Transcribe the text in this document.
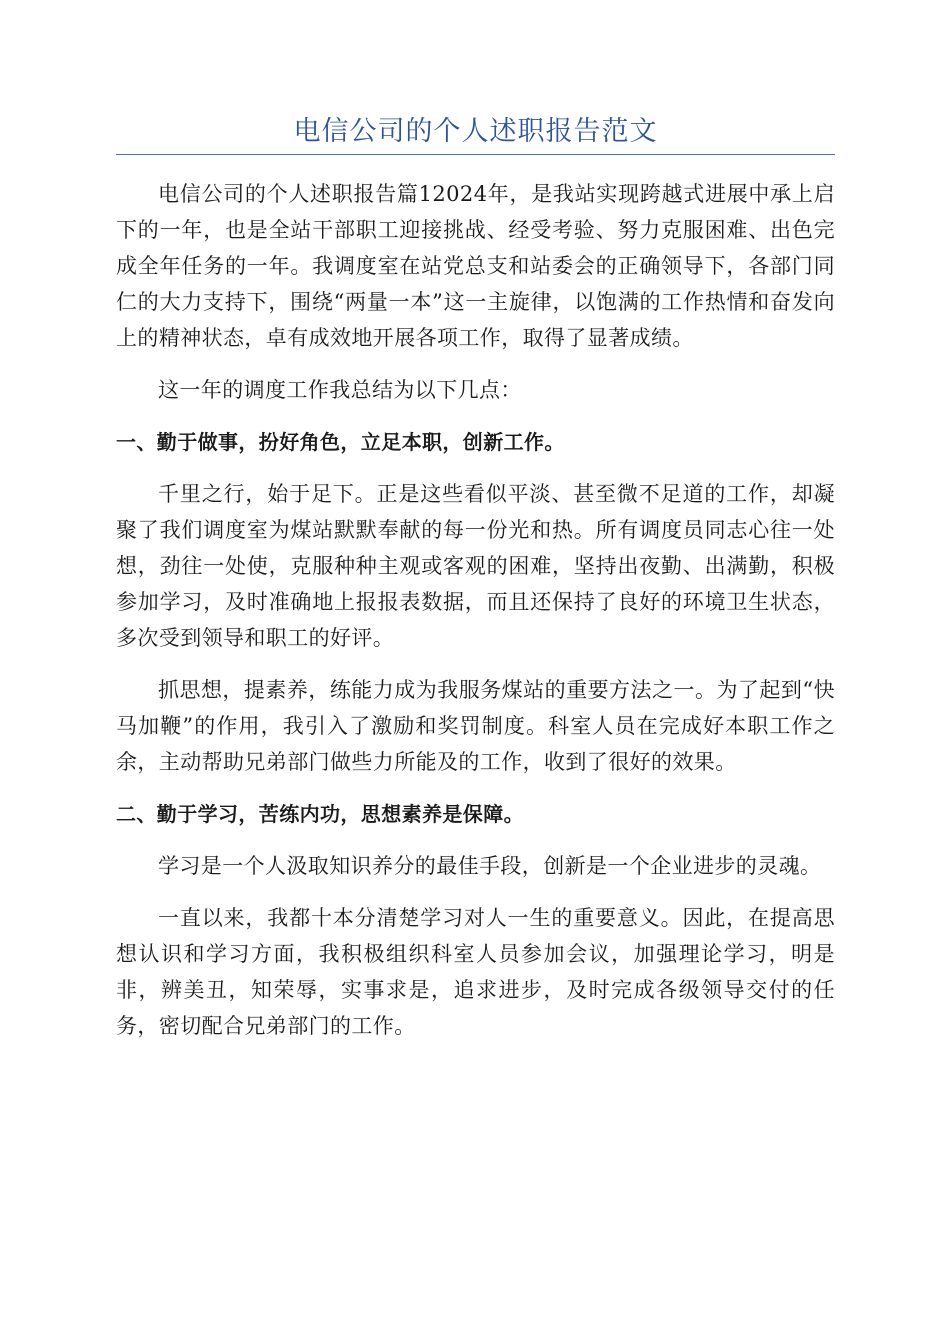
电信公司的个人述职报告范文

电信公司的个人述职报告篇12024年，是我站实现跨越式进展中承上启下的一年，也是全站干部职工迎接挑战、经受考验、努力克服困难、出色完成全年任务的一年。我调度室在站党总支和站委会的正确领导下，各部门同仁的大力支持下，围绕“两量一本”这一主旋律，以饱满的工作热情和奋发向上的精神状态，卓有成效地开展各项工作，取得了显著成绩。

这一年的调度工作我总结为以下几点：

一、勤于做事，扮好角色，立足本职，创新工作。

千里之行，始于足下。正是这些看似平淡、甚至微不足道的工作，却凝聚了我们调度室为煤站默默奉献的每一份光和热。所有调度员同志心往一处想，劲往一处使，克服种种主观或客观的困难，坚持出夜勤、出满勤，积极参加学习，及时准确地上报报表数据，而且还保持了良好的环境卫生状态，多次受到领导和职工的好评。

抓思想，提素养，练能力成为我服务煤站的重要方法之一。为了起到“快马加鞭”的作用，我引入了激励和奖罚制度。科室人员在完成好本职工作之余，主动帮助兄弟部门做些力所能及的工作，收到了很好的效果。

二、勤于学习，苦练内功，思想素养是保障。

学习是一个人汲取知识养分的最佳手段，创新是一个企业进步的灵魂。

一直以来，我都十本分清楚学习对人一生的重要意义。因此，在提高思想认识和学习方面，我积极组织科室人员参加会议，加强理论学习，明是非，辨美丑，知荣辱，实事求是，追求进步，及时完成各级领导交付的任务，密切配合兄弟部门的工作。
